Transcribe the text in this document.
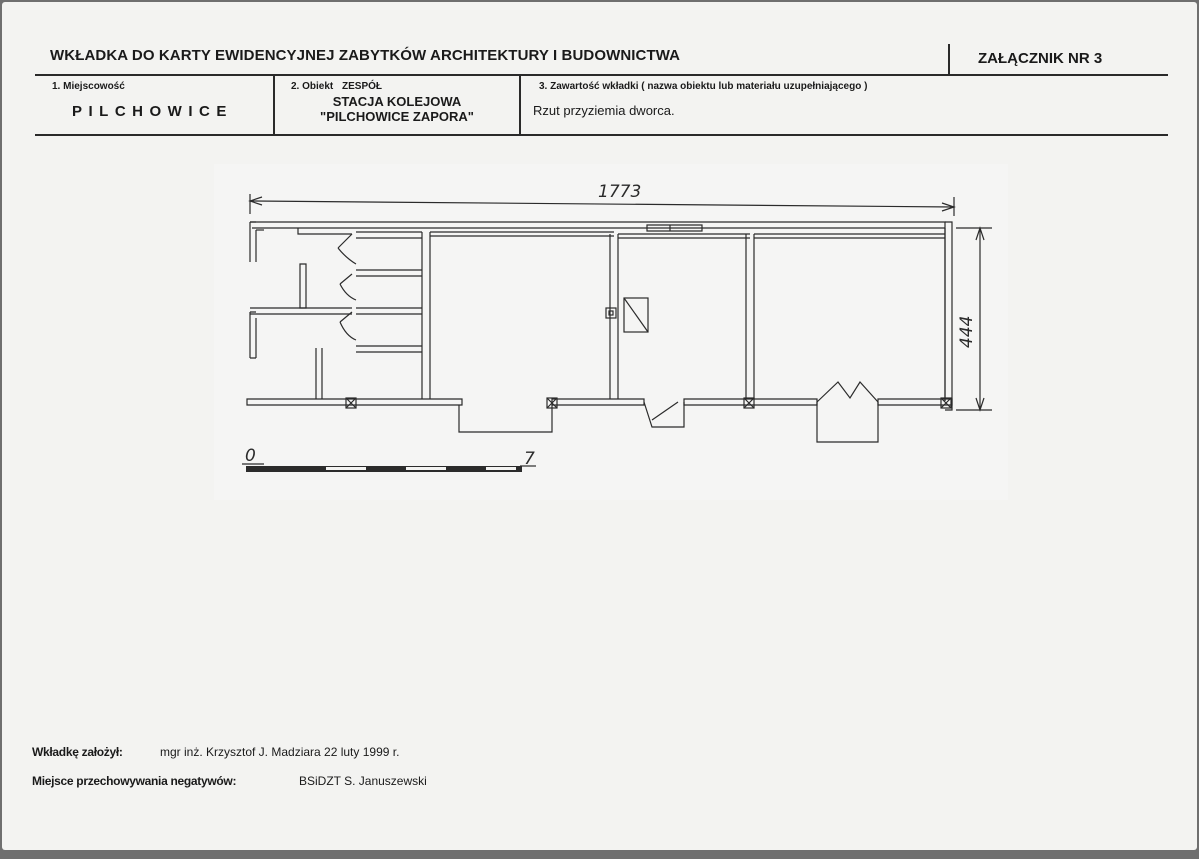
WKŁADKA DO KARTY EWIDENCYJNEJ ZABYTKÓW ARCHITEKTURY I BUDOWNICTWA	ZAŁĄCZNIK NR 3
1. Miejscowość
PILCHOWICE
2. Obiekt ZESPÓŁ
STACJA KOLEJOWA
"PILCHOWICE ZAPORA"
3. Zawartość wkładki ( nazwa obiektu lub materiału uzupełniającego )
Rzut przyziemia dworca.
1773
444
0	7
Wkładkę założył:	mgr inż. Krzysztof J. Madziara 22 luty 1999 r.
Miejsce przechowywania negatywów:	BSiDZT S. Januszewski
